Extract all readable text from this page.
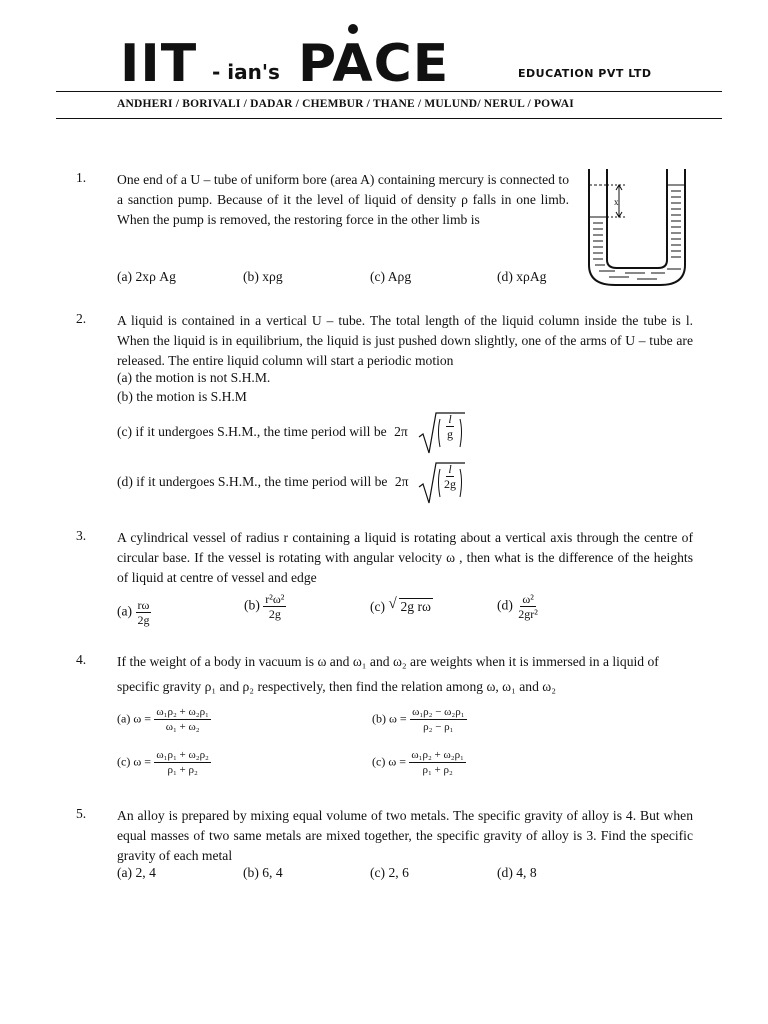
IIT - ian's PACE	EDUCATION PVT LTD
ANDHERI / BORIVALI / DADAR / CHEMBUR / THANE / MULUND/ NERUL / POWAI
1. One end of a U – tube of uniform bore (area A) containing mercury is connected to a sanction pump. Because of it the level of liquid of density ρ falls in one limb. When the pump is removed, the restoring force in the other limb is
(a) 2xρ Ag	(b) xρg	(c) Aρg	(d) xρAg
x
2. A liquid is contained in a vertical U – tube. The total length of the liquid column inside the tube is l. When the liquid is in equilibrium, the liquid is just pushed down slightly, one of the arms of U – tube are released. The entire liquid column will start a periodic motion
(a) the motion is not S.H.M.
(b) the motion is S.H.M
(c) if it undergoes S.H.M., the time period will be 2π	$\frac{l}{g}$
(d) if it undergoes S.H.M., the time period will be $2\pi \frac{l}{2g}$
3. A cylindrical vessel of radius r containing a liquid is rotating about a vertical axis through the centre of circular base. If the vessel is rotating with angular velocity ω , then what is the difference of the heights of liquid at centre of vessel and edge
$(a) \frac{r\omega}{2g}$	$(b) \frac{\text{r²ω²}}{2g}$	(c) √ 2g rω	$(d) \frac{\text{ω²}}{\text{2gr²}}$
4. If the weight of a body in vacuum is ω and ω₁ and ω₂ are weights when it is immersed in a liquid of
specific gravity ρ₁ and ρ₂ respectively, then find the relation among ω, ω₁ and ω₂
(a) $\omega = \frac{\text{ω₁ρ₂ + ω₂ρ₁}}{\text{ω₁ + ω₂}}$	(b) $\omega = \frac{\text{ω₁ρ₂ − ω₂ρ₁}}{\text{ρ₂ − ρ₁}}$
(c) $\omega = \frac{\text{ω₁ρ₁ + ω₂ρ₂}}{\text{ρ₁ + ρ₂}}$	(c) $\omega = \frac{\text{ω₁ρ₂ + ω₂ρ₁}}{\text{ρ₁ + ρ₂}}$
5. An alloy is prepared by mixing equal volume of two metals. The specific gravity of alloy is 4. But when equal masses of two same metals are mixed together, the specific gravity of alloy is 3. Find the specific gravity of each metal
(a) 2, 4	(b) 6, 4	(c) 2, 6	(d) 4, 8
